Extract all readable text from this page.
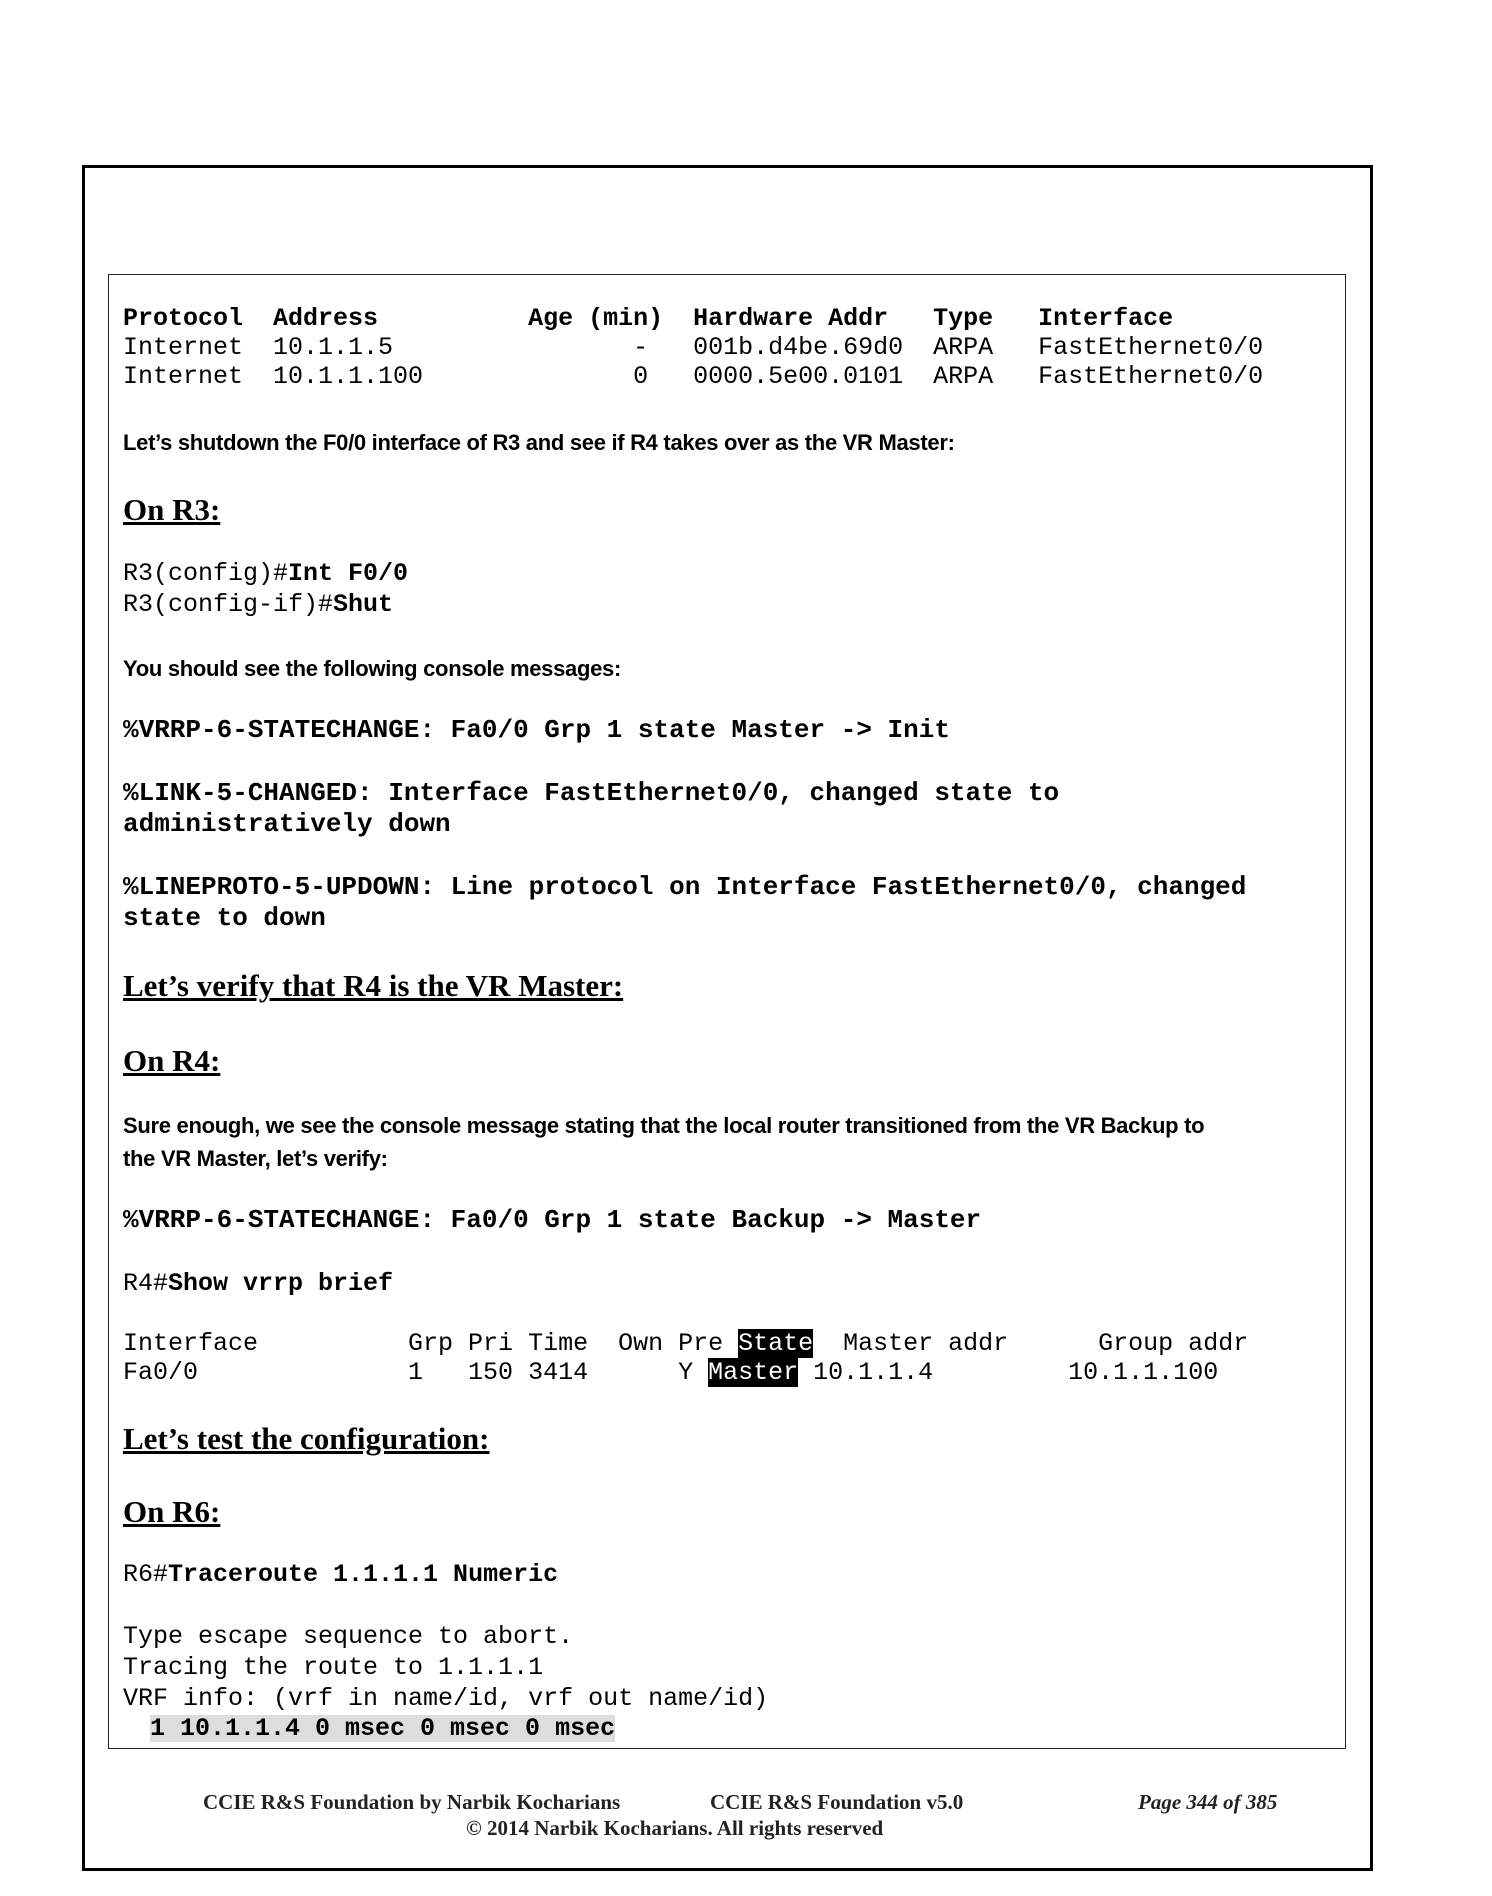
Protocol  Address          Age (min)  Hardware Addr   Type   Interface
Internet  10.1.1.5                -   001b.d4be.69d0  ARPA   FastEthernet0/0
Internet  10.1.1.100              0   0000.5e00.0101  ARPA   FastEthernet0/0
Let’s shutdown the F0/0 interface of R3 and see if R4 takes over as the VR Master:
On R3:
R3(config)#Int F0/0
R3(config-if)#Shut
You should see the following console messages:
%VRRP-6-STATECHANGE: Fa0/0 Grp 1 state Master -> Init
%LINK-5-CHANGED: Interface FastEthernet0/0, changed state to
administratively down
%LINEPROTO-5-UPDOWN: Line protocol on Interface FastEthernet0/0, changed
state to down
Let’s verify that R4 is the VR Master:
On R4:
Sure enough, we see the console message stating that the local router transitioned from the VR Backup to
the VR Master, let’s verify:
%VRRP-6-STATECHANGE: Fa0/0 Grp 1 state Backup -> Master
R4#Show vrrp brief
Interface          Grp Pri Time  Own Pre State  Master addr      Group addr
Fa0/0              1   150 3414      Y Master 10.1.1.4         10.1.1.100
Let’s test the configuration:
On R6:
R6#Traceroute 1.1.1.1 Numeric
Type escape sequence to abort.
Tracing the route to 1.1.1.1
VRF info: (vrf in name/id, vrf out name/id)
1 10.1.1.4 0 msec 0 msec 0 msec
CCIE R&S Foundation by Narbik Kocharians	CCIE R&S Foundation v5.0	Page 344 of 385
© 2014 Narbik Kocharians. All rights reserved
